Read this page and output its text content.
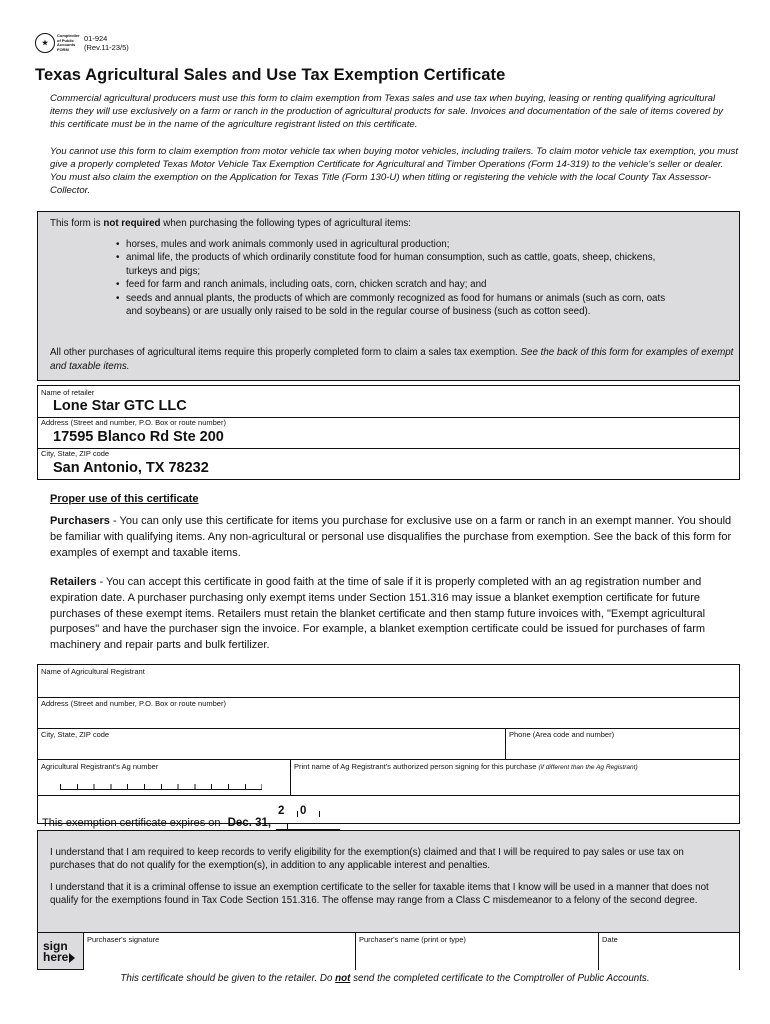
★
Comptroller
of Public
Accounts
FORM
01-924
(Rev.11-23/5)
Texas Agricultural Sales and Use Tax Exemption Certificate

Commercial agricultural producers must use this form to claim exemption from Texas sales and use tax when buying, leasing or renting qualifying agricultural items they will use exclusively on a farm or ranch in the production of agricultural products for sale. Invoices and documentation of the sale of items covered by this certificate must be in the name of the agriculture registrant listed on this certificate.

You cannot use this form to claim exemption from motor vehicle tax when buying motor vehicles, including trailers. To claim motor vehicle tax exemption, you must give a properly completed Texas Motor Vehicle Tax Exemption Certificate for Agricultural and Timber Operations (Form 14-319) to the vehicle's seller or dealer. You must also claim the exemption on the Application for Texas Title (Form 130-U) when titling or registering the vehicle with the local County Tax Assessor-Collector.

This form is not required when purchasing the following types of agricultural items:
• horses, mules and work animals commonly used in agricultural production;
• animal life, the products of which ordinarily constitute food for human consumption, such as cattle, goats, sheep, chickens, turkeys and pigs;
• feed for farm and ranch animals, including oats, corn, chicken scratch and hay; and
• seeds and annual plants, the products of which are commonly recognized as food for humans or animals (such as corn, oats and soybeans) or are usually only raised to be sold in the regular course of business (such as cotton seed).
All other purchases of agricultural items require this properly completed form to claim a sales tax exemption. See the back of this form for examples of exempt and taxable items.
Name of retailer
Lone Star GTC LLC
Address (Street and number, P.O. Box or route number)
17595 Blanco Rd Ste 200
City, State, ZIP code
San Antonio, TX 78232
Proper use of this certificate

Purchasers - You can only use this certificate for items you purchase for exclusive use on a farm or ranch in an exempt manner. You should be familiar with qualifying items. Any non-agricultural or personal use disqualifies the purchase from exemption. See the back of this form for examples of exempt and taxable items.

Retailers - You can accept this certificate in good faith at the time of sale if it is properly completed with an ag registration number and expiration date. A purchaser purchasing only exempt items under Section 151.316 may issue a blanket exemption certificate for future purchases of these exempt items. Retailers must retain the blanket certificate and then stamp future invoices with, "Exempt agricultural purposes" and have the purchaser sign the invoice. For example, a blanket exemption certificate could be issued for purchases of farm machinery and repair parts and bulk fertilizer.

Name of Agricultural Registrant
Address (Street and number, P.O. Box or route number)
City, State, ZIP code	Phone (Area code and number)
Agricultural Registrant's Ag number	Print name of Ag Registrant's authorized person signing for this purchase (if different than the Ag Registrant)
This exemption certificate expires on Dec. 31, 2 0

I understand that I am required to keep records to verify eligibility for the exemption(s) claimed and that I will be required to pay sales or use tax on purchases that do not qualify for the exemption(s), in addition to any applicable interest and penalties.

I understand that it is a criminal offense to issue an exemption certificate to the seller for taxable items that I know will be used in a manner that does not qualify for the exemptions found in Tax Code Section 151.316. The offense may range from a Class C misdemeanor to a felony of the second degree.

sign
here
Purchaser's signature	Purchaser's name (print or type)	Date
This certificate should be given to the retailer. Do not send the completed certificate to the Comptroller of Public Accounts.
